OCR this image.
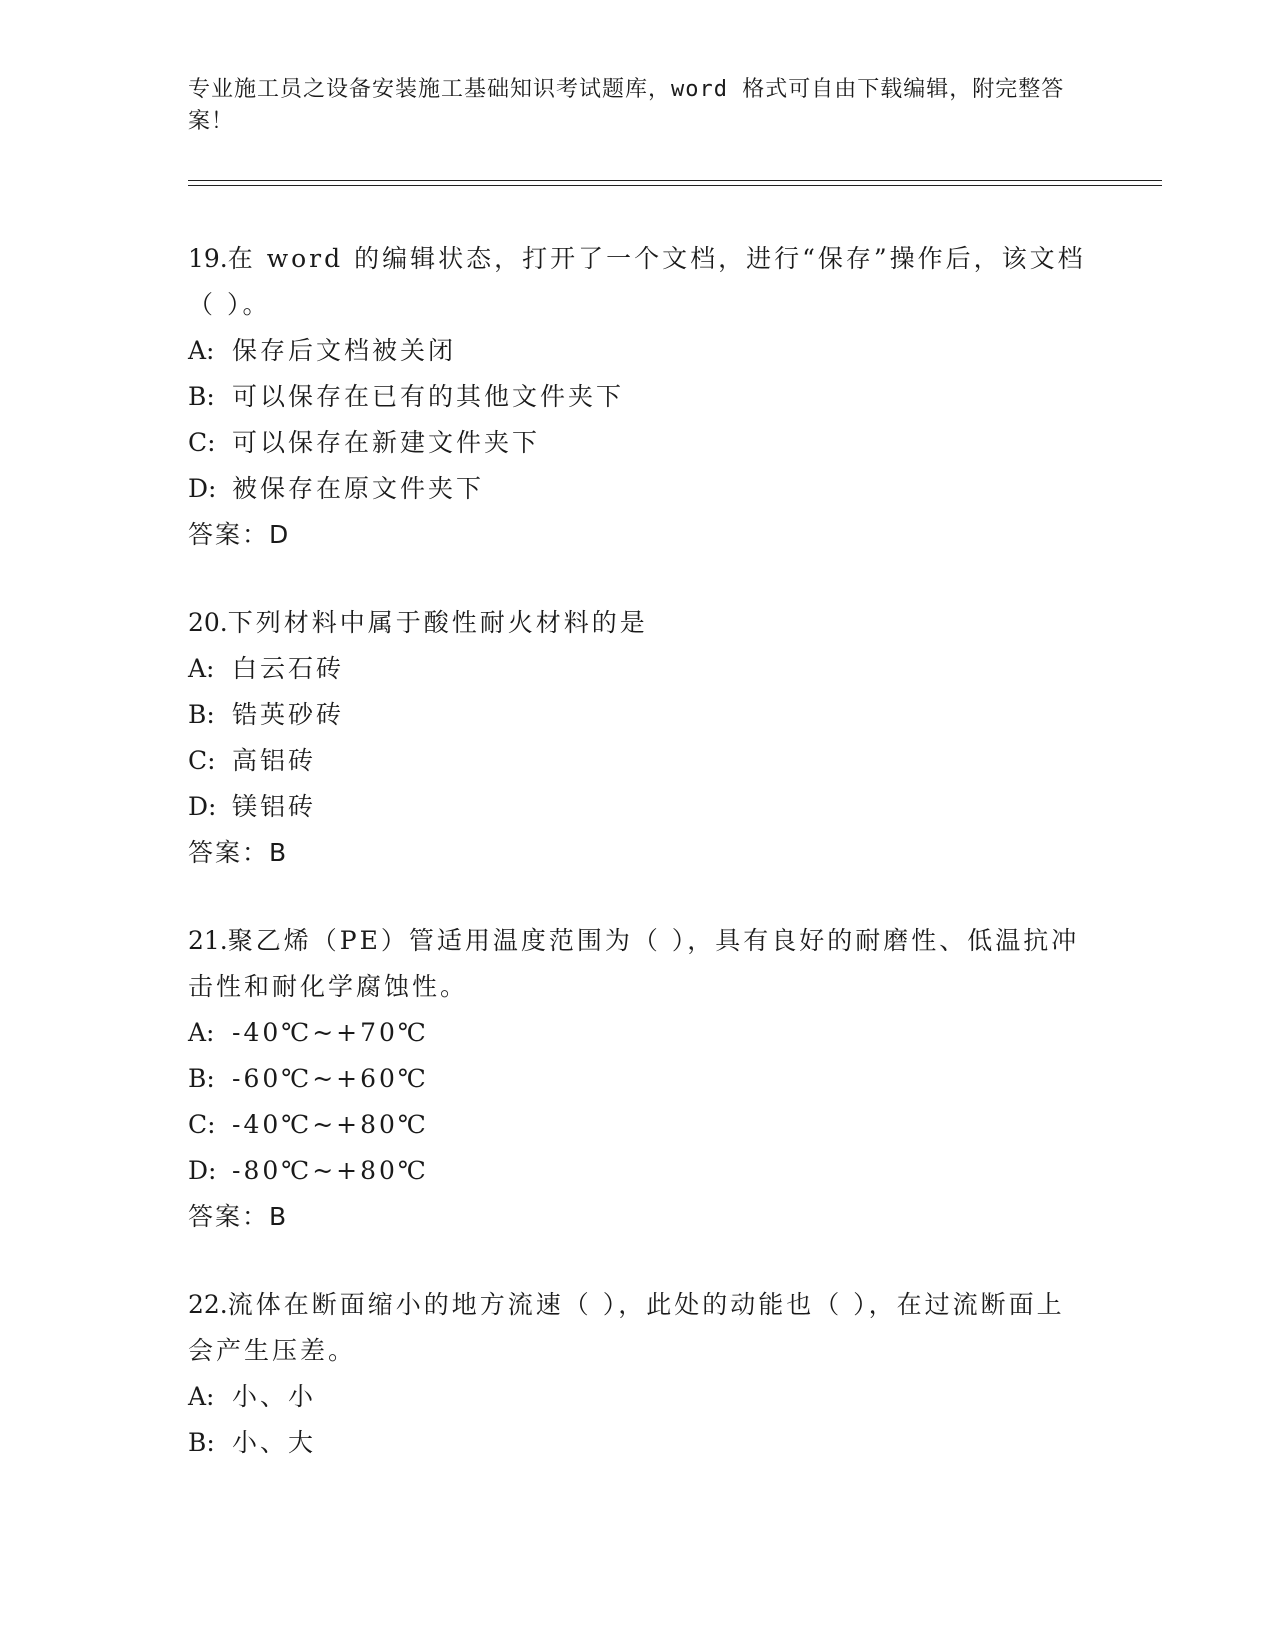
专业施工员之设备安装施工基础知识考试题库，word 格式可自由下载编辑，附完整答案！
19.在 word 的编辑状态，打开了一个文档，进行“保存”操作后，该文档（ ）。
A: 保存后文档被关闭
B: 可以保存在已有的其他文件夹下
C: 可以保存在新建文件夹下
D: 被保存在原文件夹下
答案：D
20.下列材料中属于酸性耐火材料的是
A: 白云石砖
B: 锆英砂砖
C: 高铝砖
D: 镁铝砖
答案：B
21.聚乙烯（PE）管适用温度范围为（ ），具有良好的耐磨性、低温抗冲击性和耐化学腐蚀性。
A: -40℃~+70℃
B: -60℃~+60℃
C: -40℃~+80℃
D: -80℃~+80℃
答案：B
22.流体在断面缩小的地方流速（ ），此处的动能也（ ），在过流断面上会产生压差。
A: 小、小
B: 小、大
